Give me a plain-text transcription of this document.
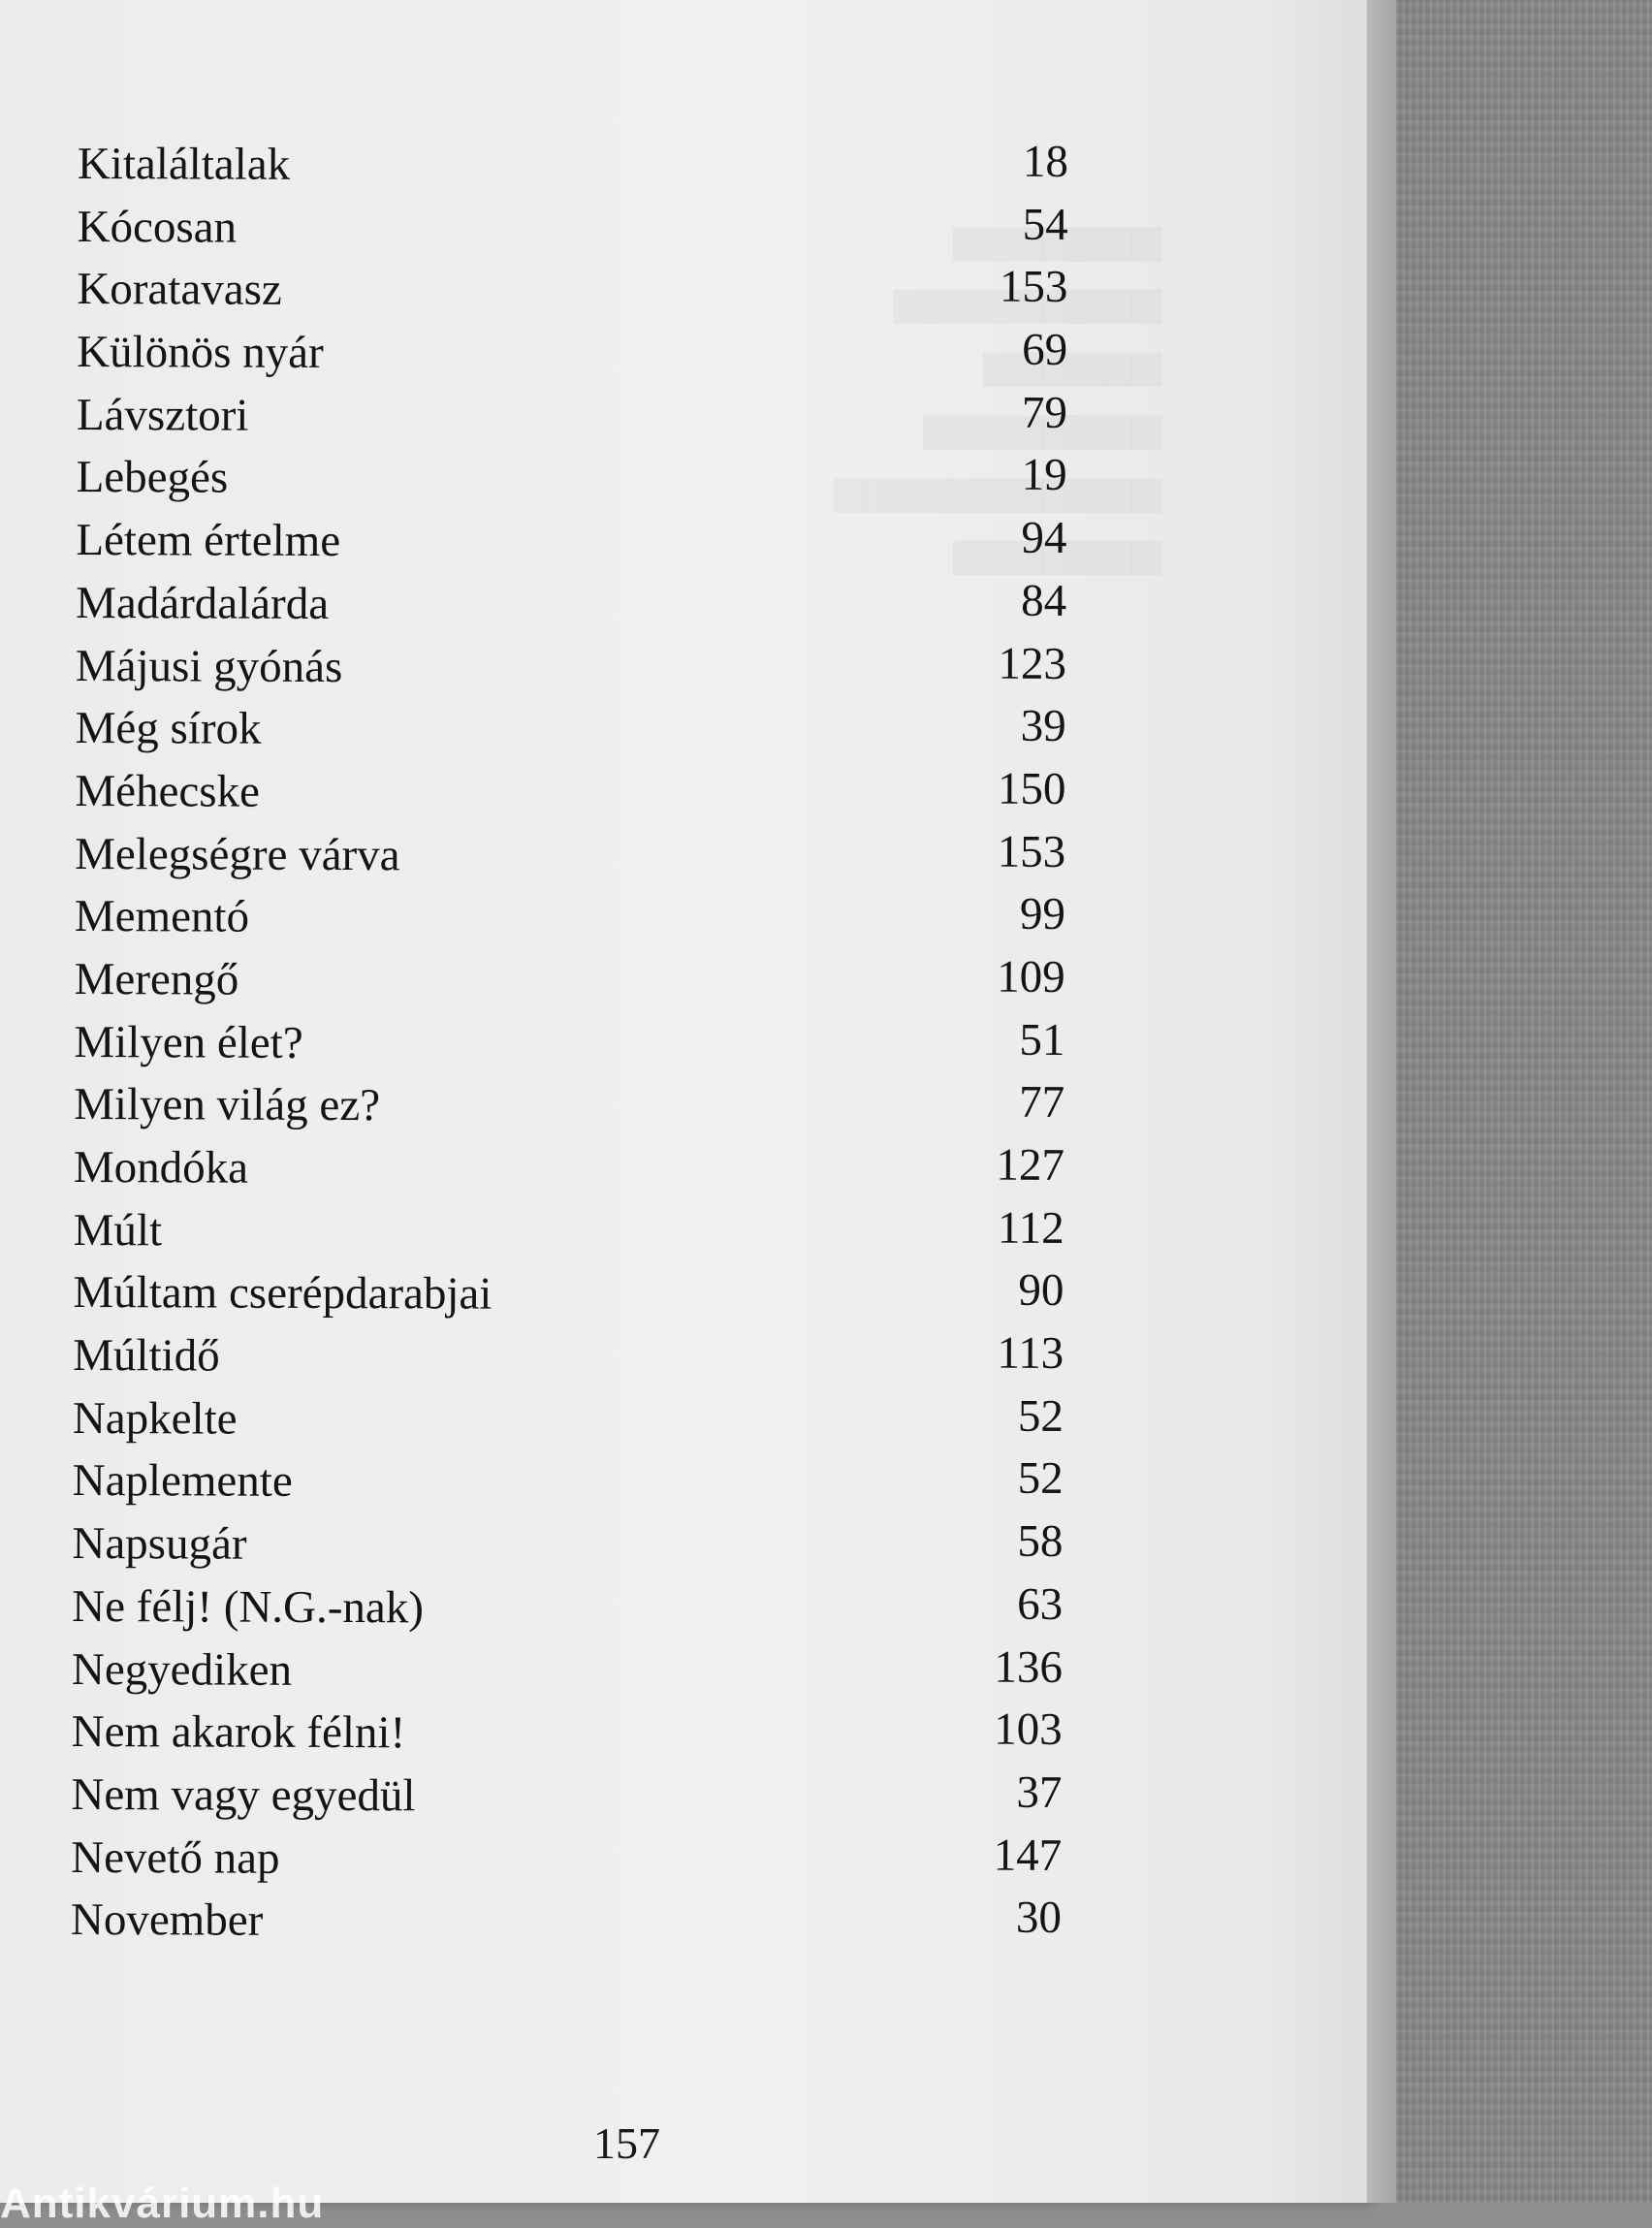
Kitaláltalak	18
Kócosan	54
Koratavasz	153
Különös nyár	69
Lávsztori	79
Lebegés	19
Létem értelme	94
Madárdalárda	84
Májusi gyónás	123
Még sírok	39
Méhecske	150
Melegségre várva	153
Mementó	99
Merengő	109
Milyen élet?	51
Milyen világ ez?	77
Mondóka	127
Múlt	112
Múltam cserépdarabjai	90
Múltidő	113
Napkelte	52
Naplemente	52
Napsugár	58
Ne félj! (N.G.-nak)	63
Negyediken	136
Nem akarok félni!	103
Nem vagy egyedül	37
Nevető nap	147
November	30
157
Antikvárium.hu
